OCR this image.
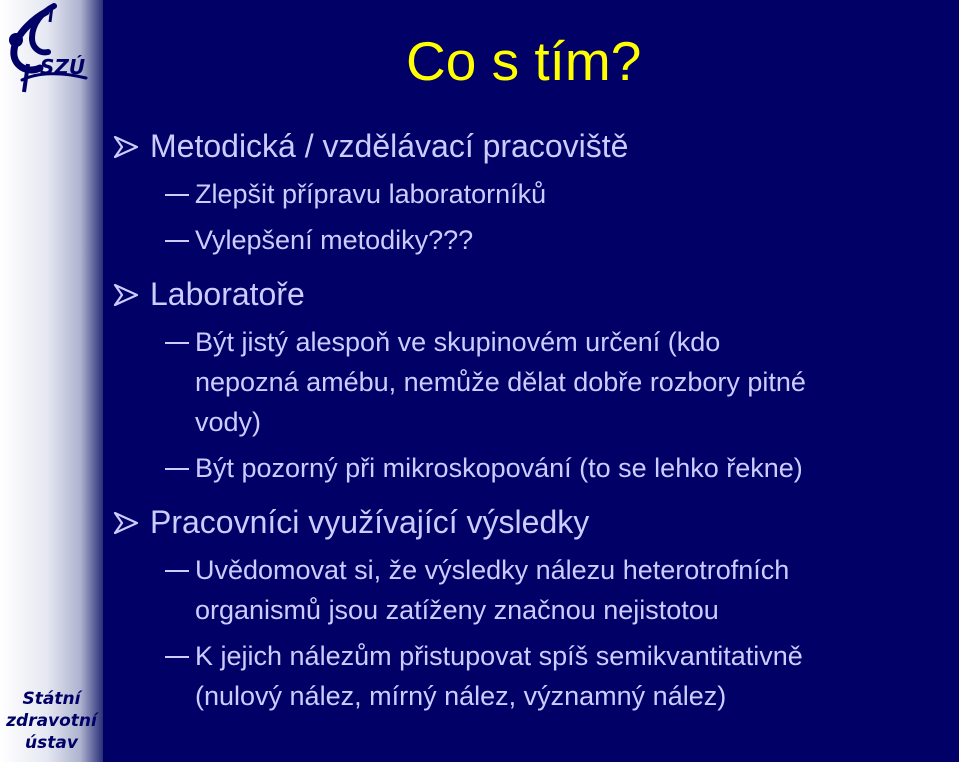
SZÚ
Státní
zdravotní
ústav
Co s tím?
Metodická / vzdělávací pracoviště
Zlepšit přípravu laboratorníků
Vylepšení metodiky???
Laboratoře
Být jistý alespoň ve skupinovém určení (kdo
nepozná amébu, nemůže dělat dobře rozbory pitné
vody)
Být pozorný při mikroskopování (to se lehko řekne)
Pracovníci využívající výsledky
Uvědomovat si, že výsledky nálezu heterotrofních
organismů jsou zatíženy značnou nejistotou
K jejich nálezům přistupovat spíš semikvantitativně
(nulový nález, mírný nález, významný nález)
